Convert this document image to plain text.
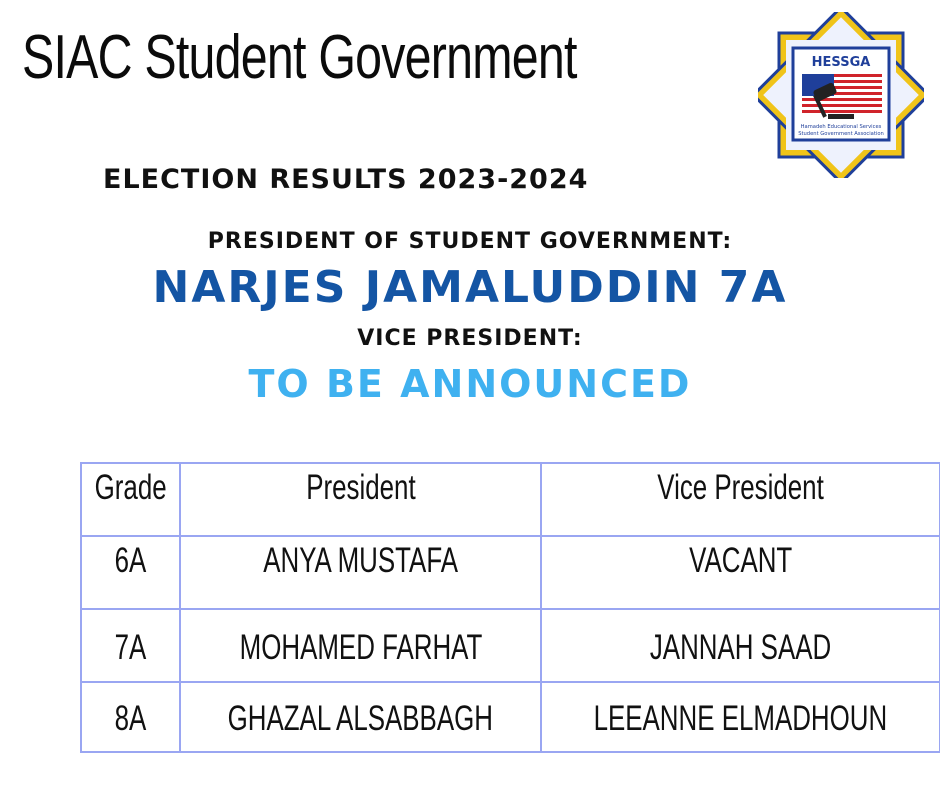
SIAC Student Government	HESSGA
Hamadeh Educational Services
Student Government Association
ELECTION RESULTS 2023-2024
PRESIDENT OF STUDENT GOVERNMENT:
NARJES JAMALUDDIN 7A
VICE PRESIDENT:
TO BE ANNOUNCED
Grade	President	Vice President
6A	ANYA MUSTAFA	VACANT
7A	MOHAMED FARHAT	JANNAH SAAD
8A	GHAZAL ALSABBAGH	LEEANNE ELMADHOUN
